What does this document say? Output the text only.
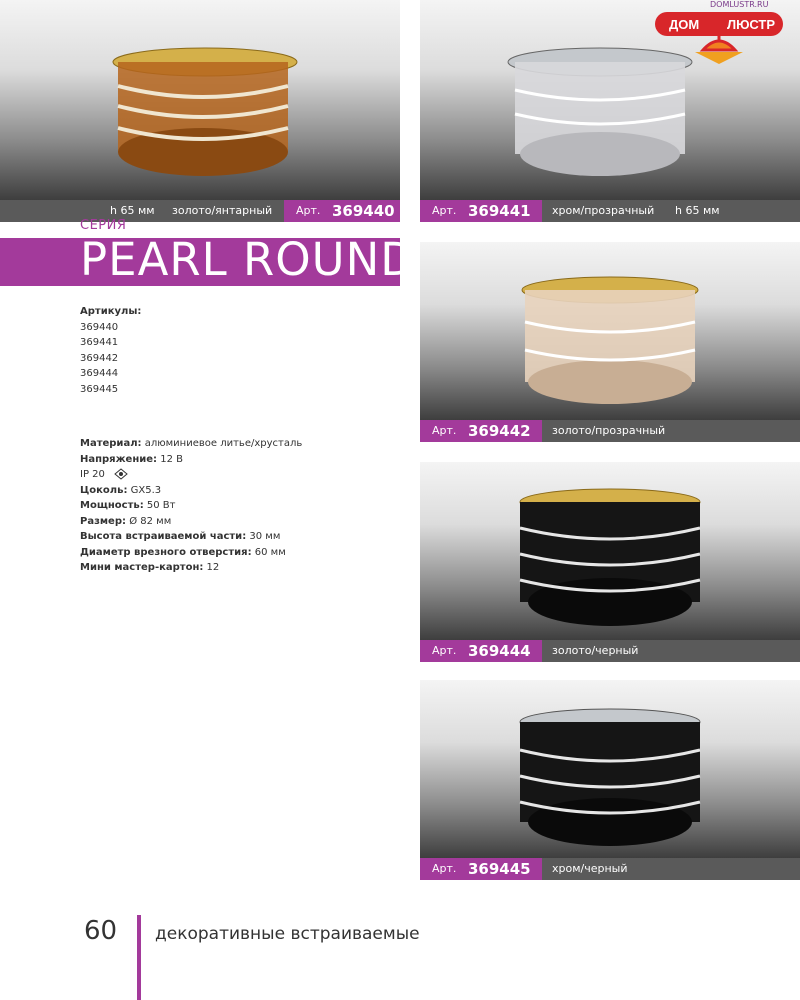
h 65 мм золото/янтарный Арт. 369440	Арт. 369441 хром/прозрачный h 65 мм
DOMLUSTR.RU
ДОМ ЛЮСТР
СЕРИЯ
PEARL ROUND
Артикулы:
369440
369441
369442
369444
369445
Материал: алюминиевое литье/хрусталь
Напряжение: 12 В
IP 20
Цоколь: GX5.3
Мощность: 50 Вт
Размер: Ø 82 мм
Высота встраиваемой части: 30 мм
Диаметр врезного отверстия: 60 мм
Мини мастер-картон: 12
Арт. 369442 золото/прозрачный
Арт. 369444 золото/черный
Арт. 369445 хром/черный
60 декоративные встраиваемые
